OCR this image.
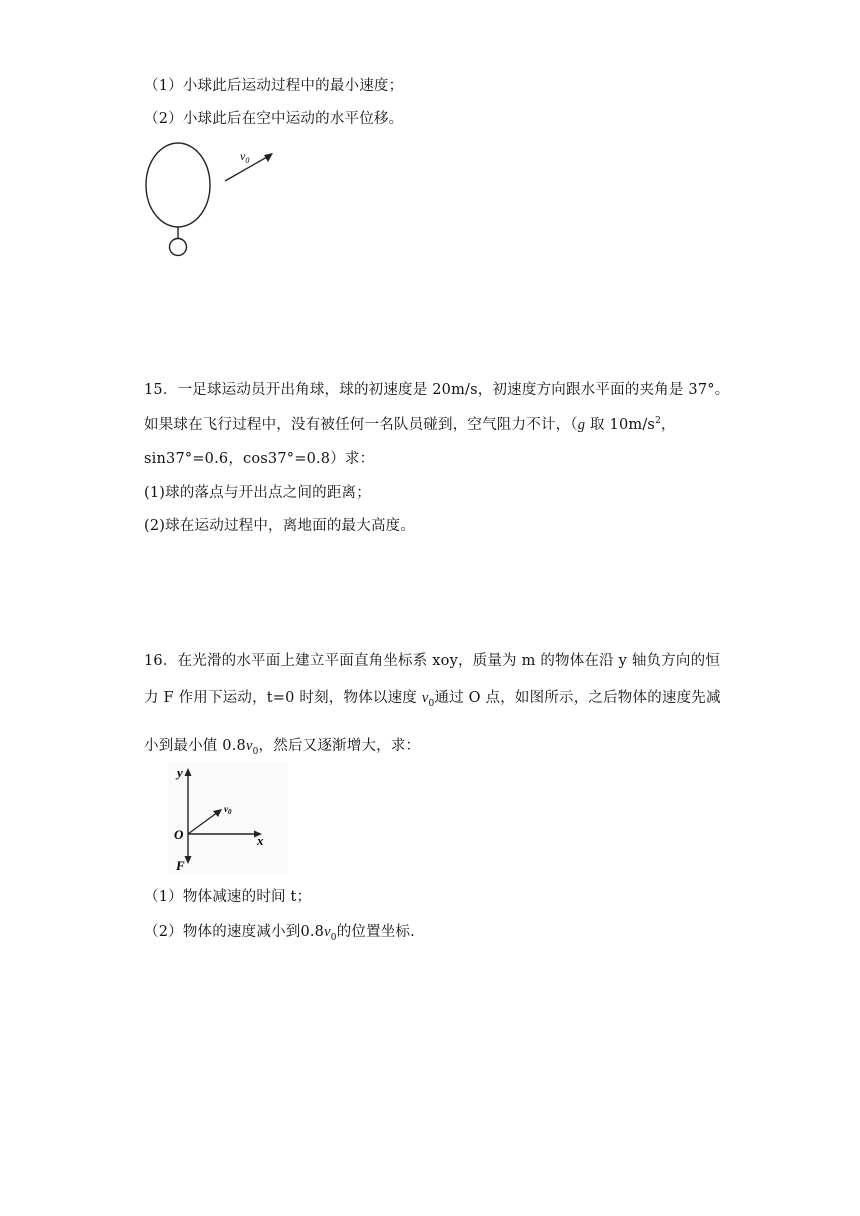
（1）小球此后运动过程中的最小速度；
（2）小球此后在空中运动的水平位移。
$v_0$
15．一足球运动员开出角球，球的初速度是 20m/s，初速度方向跟水平面的夹角是 37°。
如果球在飞行过程中，没有被任何一名队员碰到，空气阻力不计，（g 取 $10m/s^2$，
sin37°=0.6，cos37°=0.8）求：
(1)球的落点与开出点之间的距离；
(2)球在运动过程中，离地面的最大高度。
16．在光滑的水平面上建立平面直角坐标系 xoy，质量为 m 的物体在沿 y 轴负方向的恒
力 F 作用下运动，t=0 时刻，物体以速度 $v_0$通过 O 点，如图所示，之后物体的速度先减
小到最小值 $0.8v_0$，然后又逐渐增大，求：
y
x
O
F
$v_0$
（1）物体减速的时间 t；
（2）物体的速度减小到$0.8v_0$的位置坐标.
